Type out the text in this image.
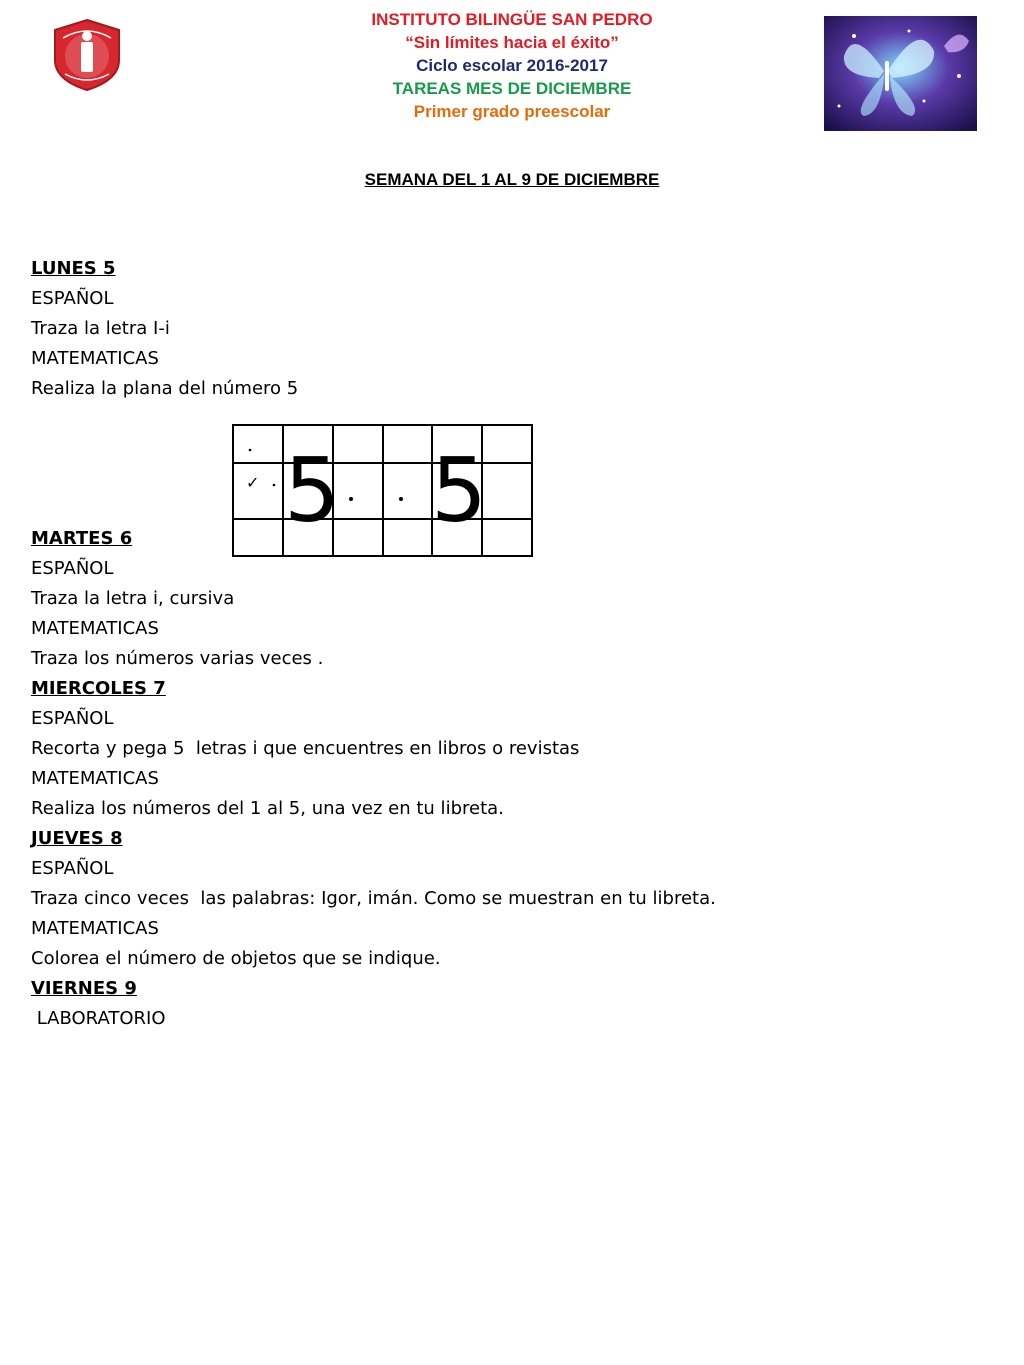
INSTITUTO BILINGÜE SAN PEDRO
“Sin límites hacia el éxito”
Ciclo escolar 2016-2017
TAREAS MES DE DICIEMBRE
Primer grado preescolar
SEMANA DEL 1 AL 9 DE DICIEMBRE
LUNES 5
ESPAÑOL
Traza la letra I-i
MATEMATICAS
Realiza la plana del número 5
MARTES 6
ESPAÑOL
Traza la letra i, cursiva
MATEMATICAS
Traza los números varias veces .
MIERCOLES 7
ESPAÑOL
Recorta y pega 5  letras i que encuentres en libros o revistas
MATEMATICAS
Realiza los números del 1 al 5, una vez en tu libreta.
JUEVES 8
ESPAÑOL
Traza cinco veces  las palabras: Igor, imán. Como se muestran en tu libreta.
MATEMATICAS
Colorea el número de objetos que se indique.
VIERNES 9
LABORATORIO
✓ 5 5
